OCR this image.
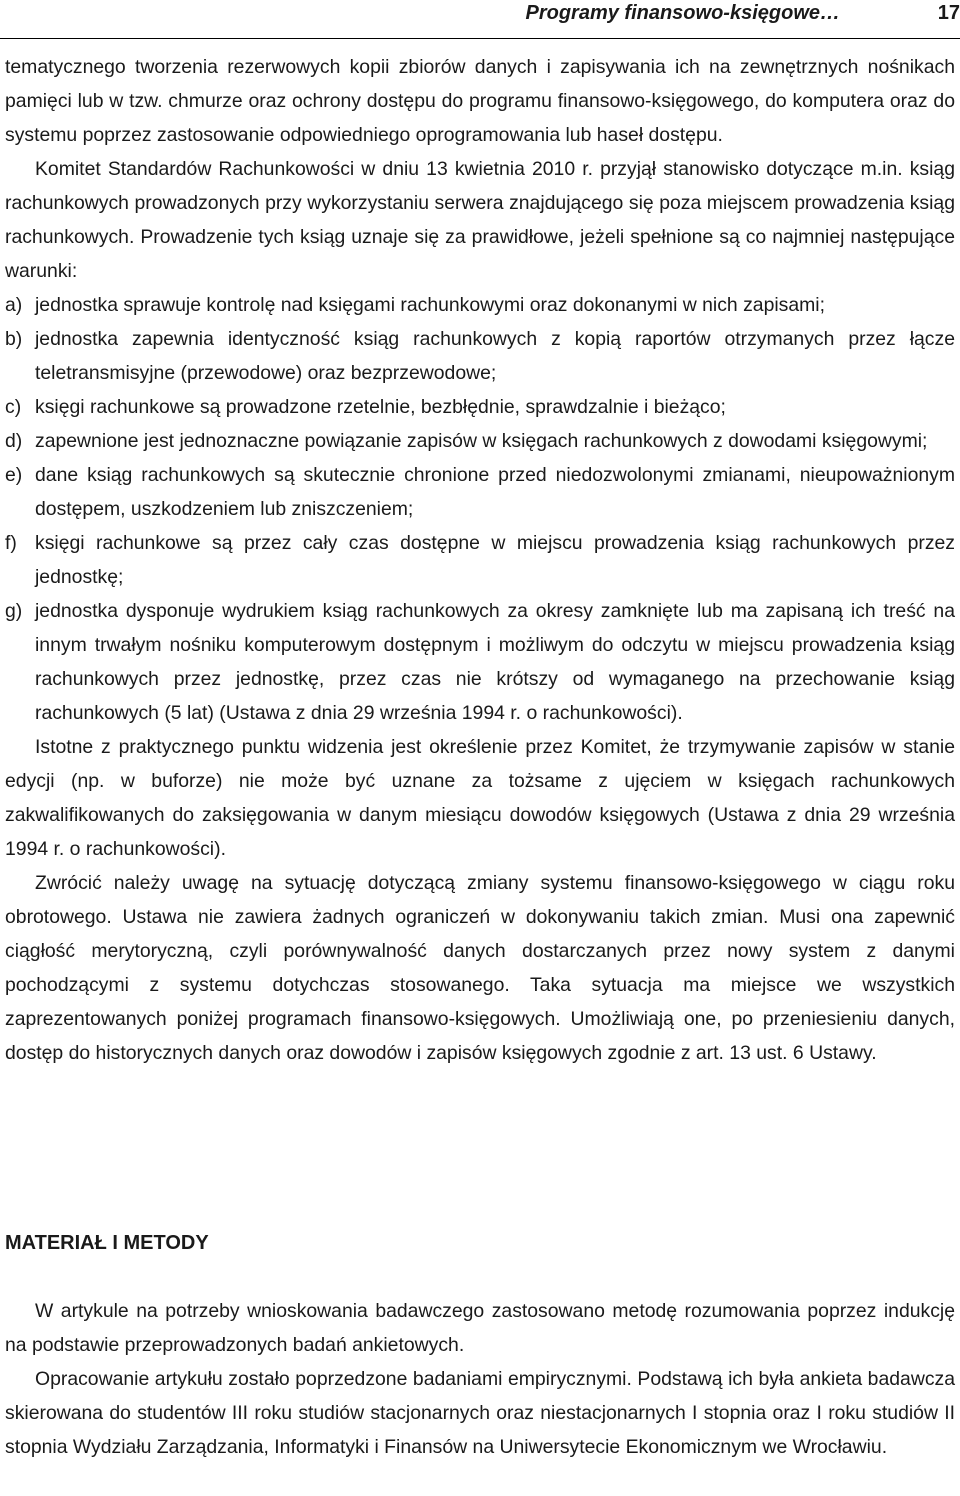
Programy finansowo-księgowe…	17

tematycznego tworzenia rezerwowych kopii zbiorów danych i zapisywania ich na zewnętrznych nośnikach pamięci lub w tzw. chmurze oraz ochrony dostępu do programu finansowo-księgowego, do komputera oraz do systemu poprzez zastosowanie odpowiedniego oprogramowania lub haseł dostępu.

Komitet Standardów Rachunkowości w dniu 13 kwietnia 2010 r. przyjął stanowisko dotyczące m.in. ksiąg rachunkowych prowadzonych przy wykorzystaniu serwera znajdującego się poza miejscem prowadzenia ksiąg rachunkowych. Prowadzenie tych ksiąg uznaje się za prawidłowe, jeżeli spełnione są co najmniej następujące warunki:

a) jednostka sprawuje kontrolę nad księgami rachunkowymi oraz dokonanymi w nich zapisami;
b) jednostka zapewnia identyczność ksiąg rachunkowych z kopią raportów otrzymanych przez łącze teletransmisyjne (przewodowe) oraz bezprzewodowe;
c) księgi rachunkowe są prowadzone rzetelnie, bezbłędnie, sprawdzalnie i bieżąco;
d) zapewnione jest jednoznaczne powiązanie zapisów w księgach rachunkowych z dowodami księgowymi;
e) dane ksiąg rachunkowych są skutecznie chronione przed niedozwolonymi zmianami, nieupoważnionym dostępem, uszkodzeniem lub zniszczeniem;
f) księgi rachunkowe są przez cały czas dostępne w miejscu prowadzenia ksiąg rachunkowych przez jednostkę;
g) jednostka dysponuje wydrukiem ksiąg rachunkowych za okresy zamknięte lub ma zapisaną ich treść na innym trwałym nośniku komputerowym dostępnym i możliwym do odczytu w miejscu prowadzenia ksiąg rachunkowych przez jednostkę, przez czas nie krótszy od wymaganego na przechowanie ksiąg rachunkowych (5 lat) (Ustawa z dnia 29 września 1994 r. o rachunkowości).

Istotne z praktycznego punktu widzenia jest określenie przez Komitet, że trzymywanie zapisów w stanie edycji (np. w buforze) nie może być uznane za tożsame z ujęciem w księgach rachunkowych zakwalifikowanych do zaksięgowania w danym miesiącu dowodów księgowych (Ustawa z dnia 29 września 1994 r. o rachunkowości).

Zwrócić należy uwagę na sytuację dotyczącą zmiany systemu finansowo-księgowego w ciągu roku obrotowego. Ustawa nie zawiera żadnych ograniczeń w dokonywaniu takich zmian. Musi ona zapewnić ciągłość merytoryczną, czyli porównywalność danych dostarczanych przez nowy system z danymi pochodzącymi z systemu dotychczas stosowanego. Taka sytuacja ma miejsce we wszystkich zaprezentowanych poniżej programach finansowo-księgowych. Umożliwiają one, po przeniesieniu danych, dostęp do historycznych danych oraz dowodów i zapisów księgowych zgodnie z art. 13 ust. 6 Ustawy.

MATERIAŁ I METODY

W artykule na potrzeby wnioskowania badawczego zastosowano metodę rozumowania poprzez indukcję na podstawie przeprowadzonych badań ankietowych.

Opracowanie artykułu zostało poprzedzone badaniami empirycznymi. Podstawą ich była ankieta badawcza skierowana do studentów III roku studiów stacjonarnych oraz niestacjonarnych I stopnia oraz I roku studiów II stopnia Wydziału Zarządzania, Informatyki i Finansów na Uniwersytecie Ekonomicznym we Wrocławiu.
